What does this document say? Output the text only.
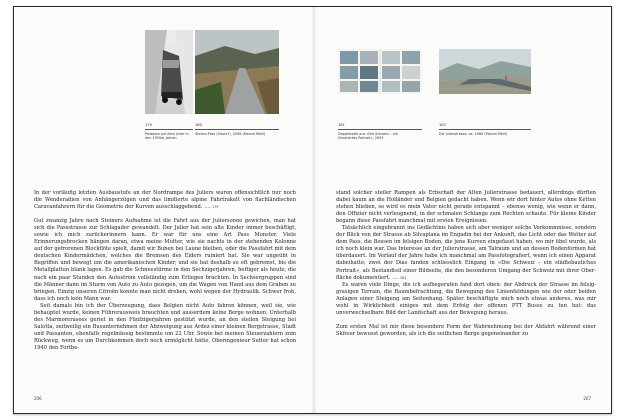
179
Postauto auf dem Julier in den 1950er-Jahren
180
Stelvio-Pass (Gavia?), 2006 (Marcel Meili)
181
Doppelseite aus «Die Schweiz – ein illustriertes Portrait», 2005
182
Die Julierstrasse, ca. 1960 (Marcel Meili)

In der vorläufig letzten Ausbaustufe an der Nordrampe des Juliers waren offensichtlich nur noch die Wenderadien von Anhängerzügen und das limitierte alpine Fahrtrakelt von flachländischen Caravanfahrern für die Geometrie der Kurven ausschlaggebend. —— 179

Gut zwanzig Jahre nach Steiners Aufnahme ist die Fahrt aus der Juliersonne gewichen, man hat sich die Passstrasse zur Schlagader gewandelt. Der Julier hat sein alte Kinder immer beschäftigt, sowie ich mich zurückerinnern kann. Er war für uns eine Art Pass Monster. Viele Erinnerungsbrocken hängen daran, etwa meine Mutter, wie sie nachts in der stehenden Kolonne auf der gefrorenen Blockflöte spielt, damit wir Buben bei Laune bleiben, oder die Passfahrt mit dem deutschen Kindermädchen, welches die Bremsen des Eiders ruiniert hat. Sie war ungeübt in Begriffen und bewegt um die amerikanischen Kinder, und sie hat deshalb so oft gebremst, bis die Metallplatten blank lagen. Es gab die Schneestürme in den Sechzigerjahren, heftiger als heute, die nach ein paar Stunden den Autostrom vollständig zum Erliegen brachten. In Sechsergruppen sind die Männer dann im Sturm von Auto zu Auto gezogen, um die Wagen von Hand aus dem Graben zu bringen. Einzig unseren Citroën konnte man nicht dreben, wohl wegen der Hydraulik. Schwer froh, dass ich noch kein Mann war.

Seit damals bin ich der Überzeugung, dass Belgien nicht Auto fahren können, weil sie, wie behauptet wurde, keinen Führerausweis brauchten und ausserdem keine Berge wohnen. Unterhalb des Marmorerasees geriet in den Fünfzigerjahren gestützt wurde, an den steilen Steigung bei Salotta, zeitweilig ein Busunternehmen der Abzweigung aus Ardez einer kleinen Bergstrasse, Stadt und Passanten, ebenfalls regelmässig bestimmte um 22 Uhr. Sowie bei meinen Steuerzahlern zum Rückweg, wenn es um Durchkommen doch noch ermöglicht hätte. Oberingenieur Sutter hat schon 1940 den Fortbe-

stand solcher steiler Rampen als Erbschaft der Alten Julierstrasse bedauert, allerdings dürften dabei kaum an die Holländer und Belgien gedacht haben. Wenn wir dort hinter Autos ohne Ketten stehen blieben, so wird es mein Vater nicht gerade entspannt – ebenso wenig, wie wenn er dann, den Offizier nicht verleugnend, in der schmalen Schlange zum Rechten schaute. Für kleine Kinder begann diese Passfahrt manchmal mit ersten Ereignissen.

Tatsächlich eingebrannt ins Gedächtnis haben sich aber weniger solche Vorkommnisse, sondern der Blick von der Strasse ab Silvaplana im Engadin bei der Ankunft, das Licht oder das Wetter auf dem Pass, die Bossen im felsigen Boden, die jene Kurven eingefasst haben, wo mir übel wurde, als ich noch klein war. Das Interesse an der Julierstrasse, am Talraum und an dessen Bodenformen hat überdauert. Im Verlauf der Jahre habe ich manchmal am Passfotografiert, wenn ich einen Apparat dabeihatte; zwei der Dias fanden schliesslich Eingang in «Die Schweiz – ein städtebauliches Portrait», als Bestandteil einer Bildseite, die den besonderen Umgang der Schweiz mit ihrer Oberfläche dokumentiert. —— 181

Es waren viele Dinge, die ich aufbegerufen fand dort oben: der Abdruck der Strasse im felsig-grasigen Terrain, die Raumbefrachtung, die Bewegung des Linienfeldungen wie der oder beiden Anlagen einer Steigung am Seitenhang. Später beschäftigte mich noch etwas anderes, was mir wohl in Wirklichkeit einiges mit dem Erfolg der offenen PTT Busse zu tun hat: das unverwechselbare Bild der Landschaft aus der Bewegung heraus.

Zum ersten Mal ist mir diese besondere Form der Wahrnehmung bei der Abfahrt während einer Skitour bewusst geworden, als ich die seitlichen Berge gegeneinander zu

206	207
